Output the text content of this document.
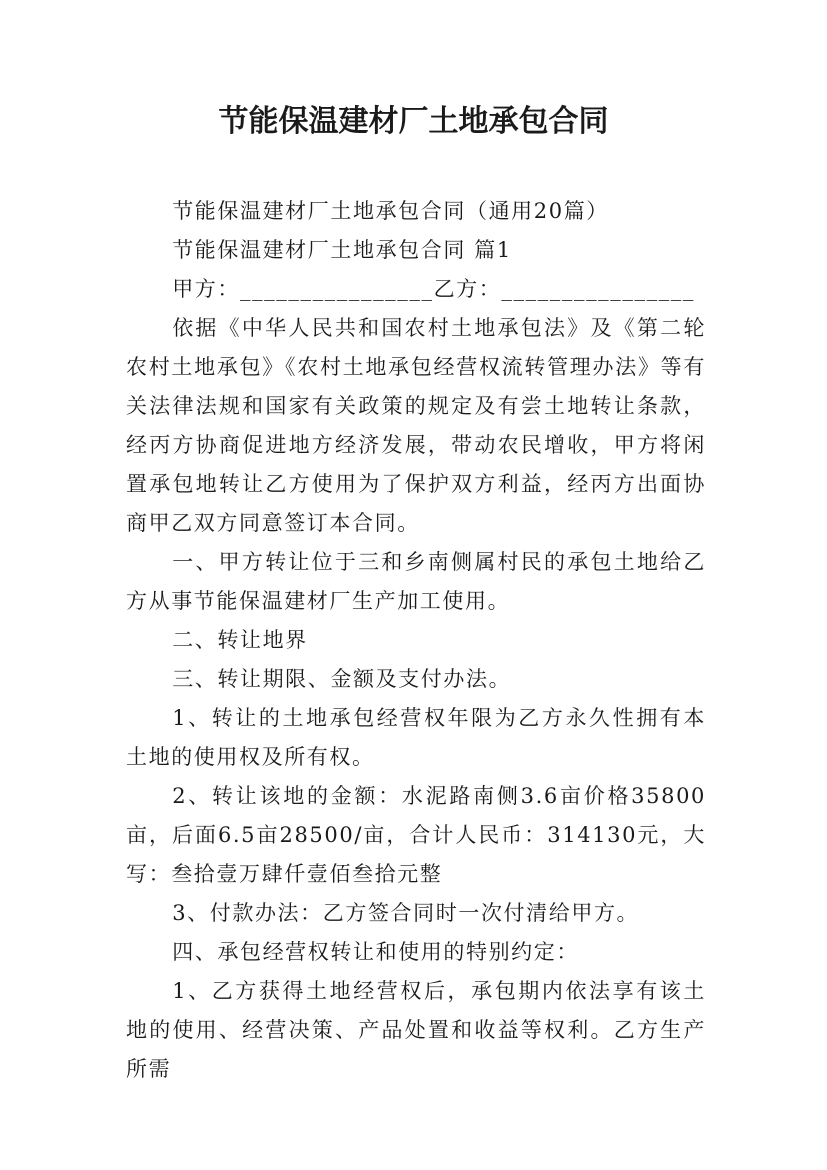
节能保温建材厂土地承包合同

节能保温建材厂土地承包合同（通用20篇）

节能保温建材厂土地承包合同 篇1

甲方：________________乙方：________________

依据《中华人民共和国农村土地承包法》及《第二轮农村土地承包》《农村土地承包经营权流转管理办法》等有关法律法规和国家有关政策的规定及有尝土地转让条款，经丙方协商促进地方经济发展，带动农民增收，甲方将闲置承包地转让乙方使用为了保护双方利益，经丙方出面协商甲乙双方同意签订本合同。

一、甲方转让位于三和乡南侧属村民的承包土地给乙方从事节能保温建材厂生产加工使用。

二、转让地界

三、转让期限、金额及支付办法。

1、转让的土地承包经营权年限为乙方永久性拥有本土地的使用权及所有权。

2、转让该地的金额：水泥路南侧3.6亩价格35800亩，后面6.5亩28500/亩，合计人民币：314130元，大写：叁拾壹万肆仟壹佰叁拾元整

3、付款办法：乙方签合同时一次付清给甲方。

四、承包经营权转让和使用的特别约定：

1、乙方获得土地经营权后，承包期内依法享有该土地的使用、经营决策、产品处置和收益等权利。乙方生产所需
